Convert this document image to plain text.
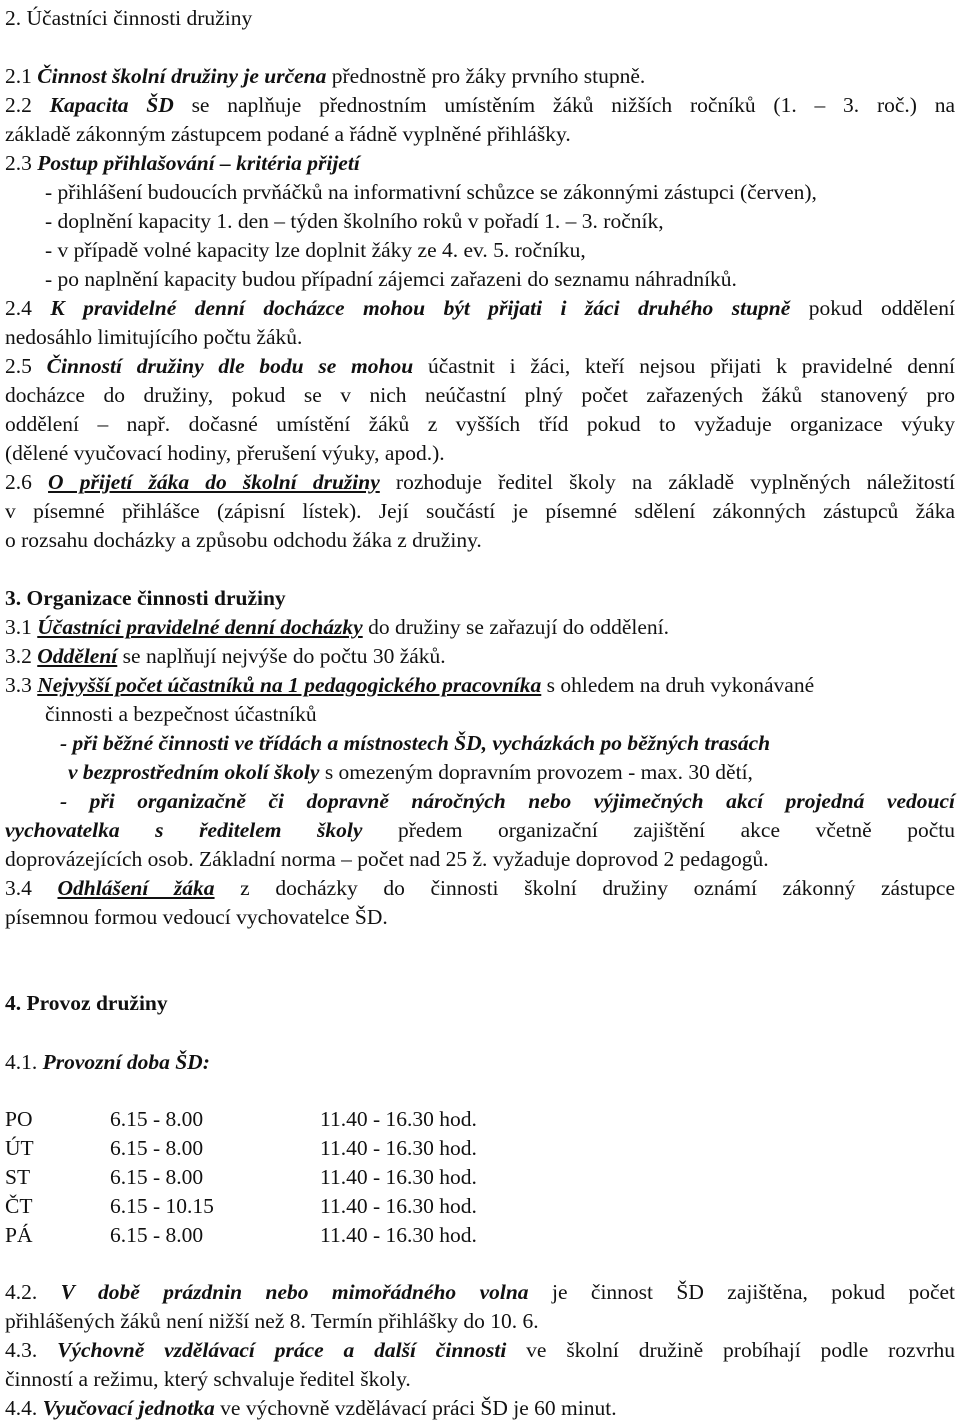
2. Účastníci činnosti družiny
2.1 Činnost školní družiny je určena přednostně pro žáky prvního stupně.
2.2 Kapacita ŠD se naplňuje přednostním umístěním žáků nižších ročníků (1. – 3. roč.) na
základě zákonným zástupcem podané a řádně vyplněné přihlášky.
2.3 Postup přihlašování – kritéria přijetí
- přihlášení budoucích prvňáčků na informativní schůzce se zákonnými zástupci (červen),
- doplnění kapacity 1. den – týden školního roků v pořadí 1. – 3. ročník,
- v případě volné kapacity lze doplnit žáky ze 4. ev. 5. ročníku,
- po naplnění kapacity budou případní zájemci zařazeni do seznamu náhradníků.
2.4 K pravidelné denní docházce mohou být přijati i žáci druhého stupně pokud oddělení
nedosáhlo limitujícího počtu žáků.
2.5 Činností družiny dle bodu se mohou účastnit i žáci, kteří nejsou přijati k pravidelné denní
docházce do družiny, pokud se v nich neúčastní plný počet zařazených žáků stanovený pro
oddělení – např. dočasné umístění žáků z vyšších tříd pokud to vyžaduje organizace výuky
(dělené vyučovací hodiny, přerušení výuky, apod.).
2.6 O přijetí žáka do školní družiny rozhoduje ředitel školy na základě vyplněných náležitostí
v písemné přihlášce (zápisní lístek). Její součástí je písemné sdělení zákonných zástupců žáka
o rozsahu docházky a způsobu odchodu žáka z družiny.
3. Organizace činnosti družiny
3.1 Účastníci pravidelné denní docházky do družiny se zařazují do oddělení.
3.2 Oddělení se naplňují nejvýše do počtu 30 žáků.
3.3 Nejvyšší počet účastníků na 1 pedagogického pracovníka s ohledem na druh vykonávané
činnosti a bezpečnost účastníků
- při běžné činnosti ve třídách a místnostech ŠD, vycházkách po běžných trasách
v bezprostředním okolí školy s omezeným dopravním provozem - max. 30 dětí,
- při organizačně či dopravně náročných nebo výjimečných akcí projedná vedoucí
vychovatelka s ředitelem školy předem organizační zajištění akce včetně počtu
doprovázejících osob. Základní norma – počet nad 25 ž. vyžaduje doprovod 2 pedagogů.
3.4 Odhlášení žáka z docházky do činnosti školní družiny oznámí zákonný zástupce
písemnou formou vedoucí vychovatelce ŠD.
4. Provoz družiny
4.1. Provozní doba ŠD:
PO	6.15 - 8.00	11.40 - 16.30 hod.
ÚT	6.15 - 8.00	11.40 - 16.30 hod.
ST	6.15 - 8.00	11.40 - 16.30 hod.
ČT	6.15 - 10.15	11.40 - 16.30 hod.
PÁ	6.15 - 8.00	11.40 - 16.30 hod.
4.2. V době prázdnin nebo mimořádného volna je činnost ŠD zajištěna, pokud počet
přihlášených žáků není nižší než 8. Termín přihlášky do 10. 6.
4.3. Výchovně vzdělávací práce a další činnosti ve školní družině probíhají podle rozvrhu
činností a režimu, který schvaluje ředitel školy.
4.4. Vyučovací jednotka ve výchovně vzdělávací práci ŠD je 60 minut.
